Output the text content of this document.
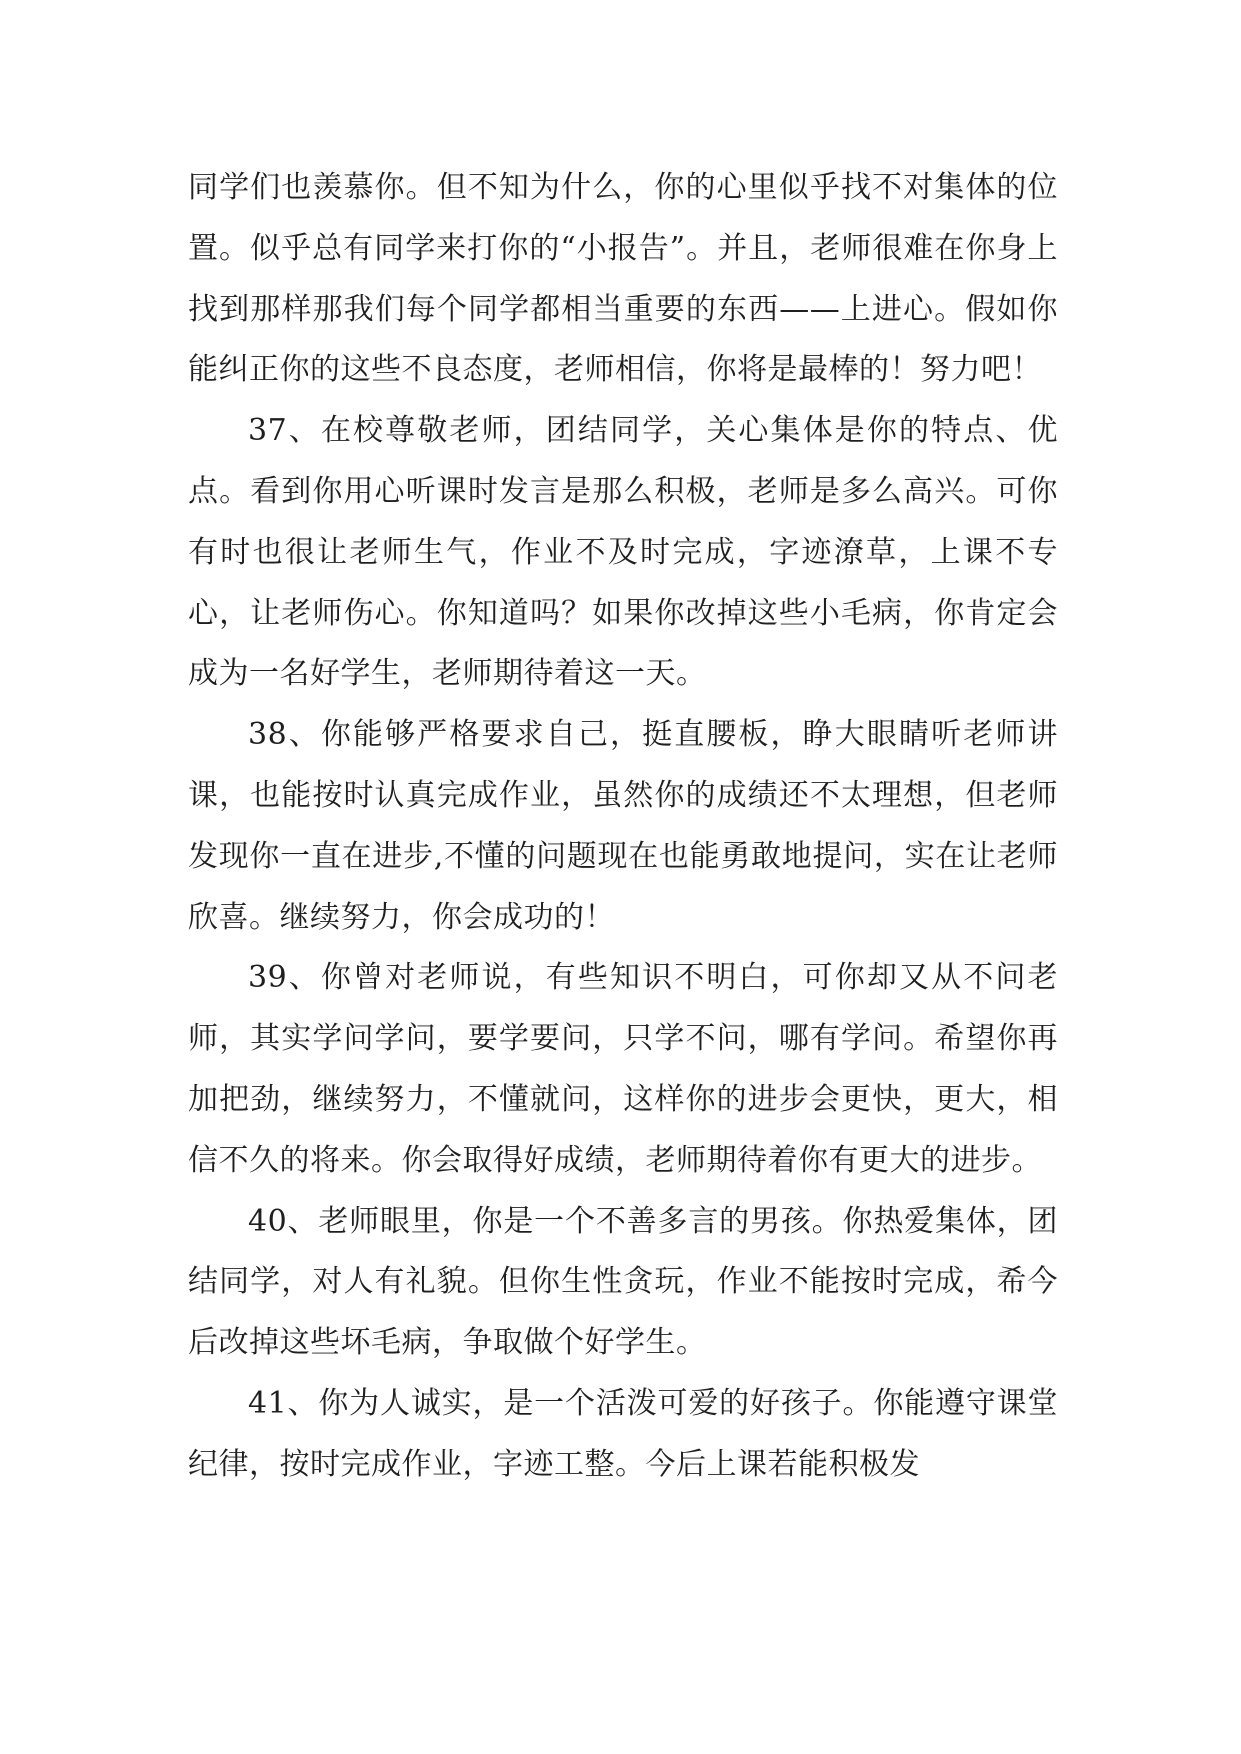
同学们也羡慕你。但不知为什么，你的心里似乎找不对集体的位置。似乎总有同学来打你的“小报告”。并且，老师很难在你身上找到那样那我们每个同学都相当重要的东西——上进心。假如你能纠正你的这些不良态度，老师相信，你将是最棒的！努力吧！

37、在校尊敬老师，团结同学，关心集体是你的特点、优点。看到你用心听课时发言是那么积极，老师是多么高兴。可你有时也很让老师生气，作业不及时完成，字迹潦草，上课不专心，让老师伤心。你知道吗？如果你改掉这些小毛病，你肯定会成为一名好学生，老师期待着这一天。

38、你能够严格要求自己，挺直腰板，睁大眼睛听老师讲课，也能按时认真完成作业，虽然你的成绩还不太理想，但老师发现你一直在进步,不懂的问题现在也能勇敢地提问，实在让老师欣喜。继续努力，你会成功的！

39、你曾对老师说，有些知识不明白，可你却又从不问老师，其实学问学问，要学要问，只学不问，哪有学问。希望你再加把劲，继续努力，不懂就问，这样你的进步会更快，更大，相信不久的将来。你会取得好成绩，老师期待着你有更大的进步。

40、老师眼里，你是一个不善多言的男孩。你热爱集体，团结同学，对人有礼貌。但你生性贪玩，作业不能按时完成，希今后改掉这些坏毛病，争取做个好学生。

41、你为人诚实，是一个活泼可爱的好孩子。你能遵守课堂纪律，按时完成作业，字迹工整。今后上课若能积极发
